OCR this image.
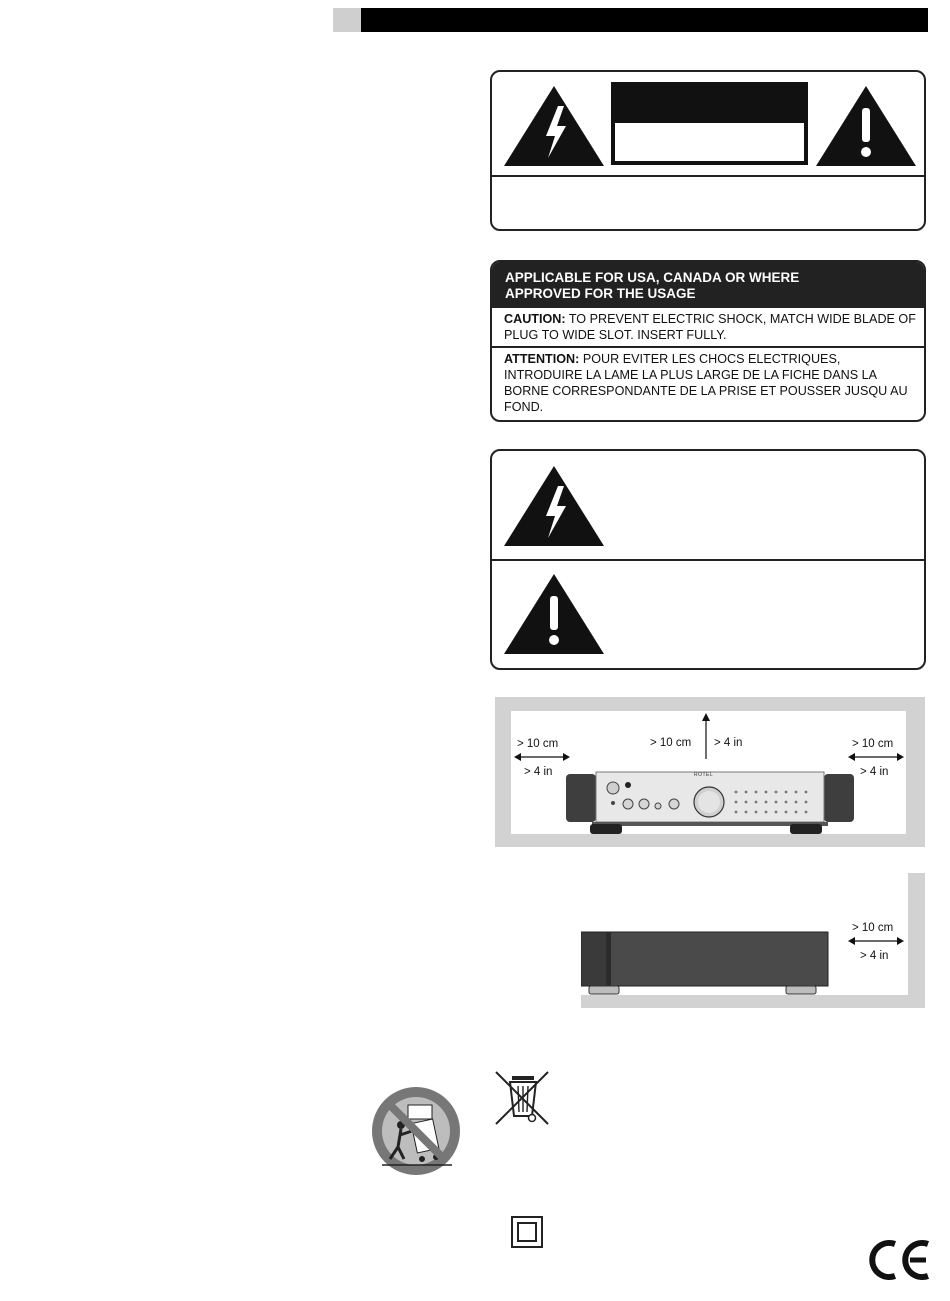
APPLICABLE FOR USA, CANADA OR WHERE
APPROVED FOR THE USAGE
CAUTION: TO PREVENT ELECTRIC SHOCK, MATCH WIDE BLADE OF PLUG TO WIDE SLOT. INSERT FULLY.
ATTENTION: POUR EVITER LES CHOCS ELECTRIQUES, INTRODUIRE LA LAME LA PLUS LARGE DE LA FICHE DANS LA BORNE CORRESPONDANTE DE LA PRISE ET POUSSER JUSQU AU FOND.
> 10 cm
> 4 in
> 10 cm > 4 in	> 10 cm
> 4 in
ROTEL
> 10 cm
> 4 in
